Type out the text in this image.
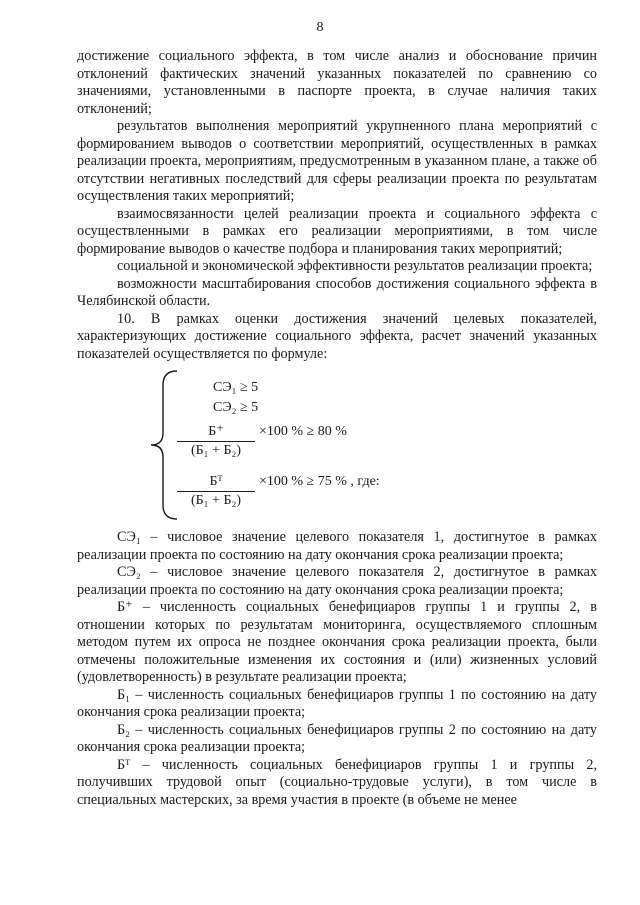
8

достижение социального эффекта, в том числе анализ и обоснование причин отклонений фактических значений указанных показателей по сравнению со значениями, установленными в паспорте проекта, в случае наличия таких отклонений;

результатов выполнения мероприятий укрупненного плана мероприятий с формированием выводов о соответствии мероприятий, осуществленных в рамках реализации проекта, мероприятиям, предусмотренным в указанном плане, а также об отсутствии негативных последствий для сферы реализации проекта по результатам осуществления таких мероприятий;

взаимосвязанности целей реализации проекта и социального эффекта с осуществленными в рамках его реализации мероприятиями, в том числе формирование выводов о качестве подбора и планирования таких мероприятий;

социальной и экономической эффективности результатов реализации проекта;

возможности масштабирования способов достижения социального эффекта в Челябинской области.

10. В рамках оценки достижения значений целевых показателей, характеризующих достижение социального эффекта, расчет значений указанных показателей осуществляется по формуле:

СЭ₁ ≥ 5
СЭ₂ ≥ 5
Б⁺
(Б₁ + Б₂)
×100 % ≥ 80 %
Бᵀ
(Б₁ + Б₂)
×100 % ≥ 75 % , где:

СЭ₁ – числовое значение целевого показателя 1, достигнутое в рамках реализации проекта по состоянию на дату окончания срока реализации проекта;

СЭ₂ – числовое значение целевого показателя 2, достигнутое в рамках реализации проекта по состоянию на дату окончания срока реализации проекта;

Б⁺ – численность социальных бенефициаров группы 1 и группы 2, в отношении которых по результатам мониторинга, осуществляемого сплошным методом путем их опроса не позднее окончания срока реализации проекта, были отмечены положительные изменения их состояния и (или) жизненных условий (удовлетворенность) в результате реализации проекта;

Б₁ – численность социальных бенефициаров группы 1 по состоянию на дату окончания срока реализации проекта;

Б₂ – численность социальных бенефициаров группы 2 по состоянию на дату окончания срока реализации проекта;

Бᵀ – численность социальных бенефициаров группы 1 и группы 2, получивших трудовой опыт (социально-трудовые услуги), в том числе в специальных мастерских, за время участия в проекте (в объеме не менее
